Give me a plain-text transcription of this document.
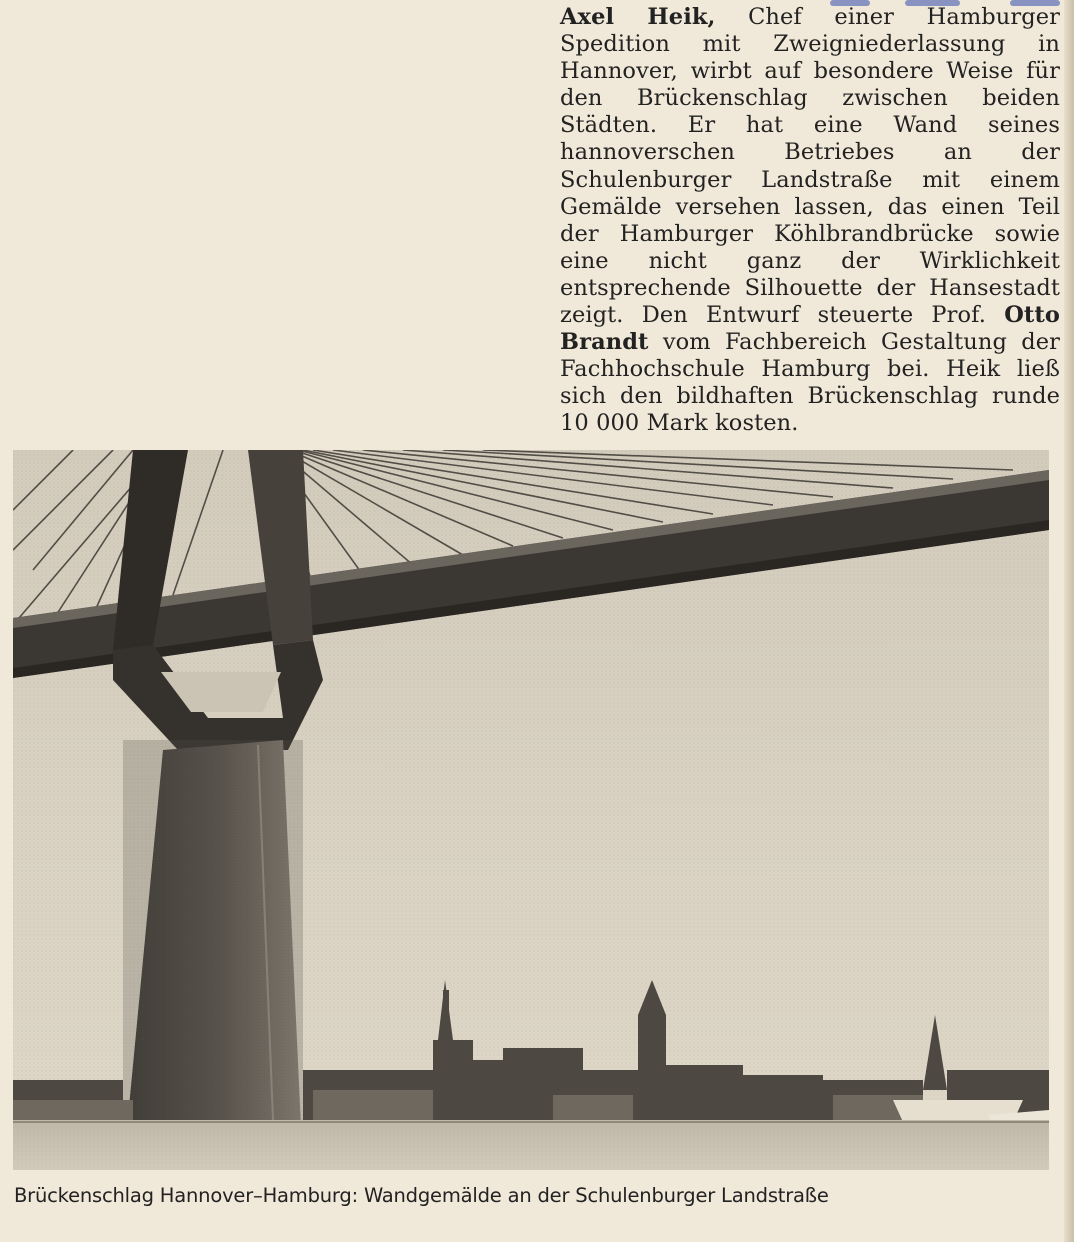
Axel Heik, Chef einer Hamburger Spedition mit Zweigniederlassung in Hannover, wirbt auf besondere Weise für den Brückenschlag zwischen beiden Städten. Er hat eine Wand seines hannoverschen Betriebes an der Schulenburger Landstraße mit einem Gemälde versehen lassen, das einen Teil der Hamburger Köhlbrandbrücke sowie eine nicht ganz der Wirklichkeit entsprechende Silhouette der Hansestadt zeigt. Den Entwurf steuerte Prof. Otto Brandt vom Fachbereich Gestaltung der Fachhochschule Hamburg bei. Heik ließ sich den bildhaften Brückenschlag runde 10 000 Mark kosten.
Brückenschlag Hannover–Hamburg: Wandgemälde an der Schulenburger Landstraße
